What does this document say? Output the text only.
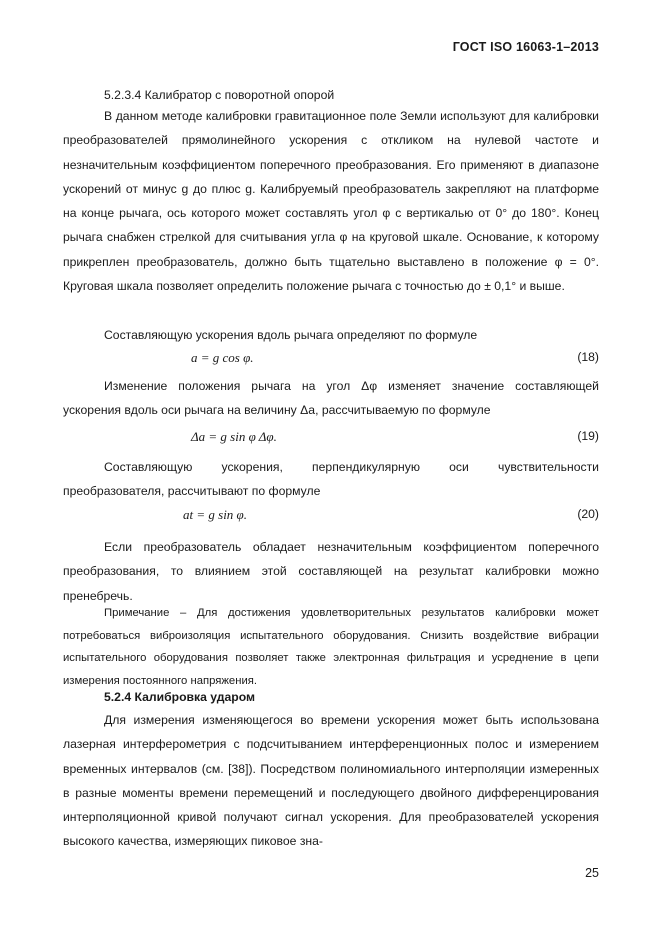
ГОСТ ISO 16063-1–2013
5.2.3.4 Калибратор с поворотной опорой

В данном методе калибровки гравитационное поле Земли используют для калибровки преобразователей прямолинейного ускорения с откликом на нулевой частоте и незначительным коэффициентом поперечного преобразования. Его применяют в диапазоне ускорений от минус g до плюс g. Калибруемый преобразователь закрепляют на платформе на конце рычага, ось которого может составлять угол φ с вертикалью от 0° до 180°. Конец рычага снабжен стрелкой для считывания угла φ на круговой шкале. Основание, к которому прикреплен преобразователь, должно быть тщательно выставлено в положение φ = 0°. Круговая шкала позволяет определить положение рычага с точностью до ± 0,1° и выше.

Составляющую ускорения вдоль рычага определяют по формуле

a = g cos φ.	(18)

Изменение положения рычага на угол Δφ изменяет значение составляющей ускорения вдоль оси рычага на величину Δa, рассчитываемую по формуле

Δa = g sin φ Δφ.	(19)

Составляющую ускорения, перпендикулярную оси чувствительности преобразователя, рассчитывают по формуле

at = g sin φ.	(20)

Если преобразователь обладает незначительным коэффициентом поперечного преобразования, то влиянием этой составляющей на результат калибровки можно пренебречь.

Примечание – Для достижения удовлетворительных результатов калибровки может потребоваться виброизоляция испытательного оборудования. Снизить воздействие вибрации испытательного оборудования позволяет также электронная фильтрация и усреднение в цепи измерения постоянного напряжения.

5.2.4 Калибровка ударом

Для измерения изменяющегося во времени ускорения может быть использована лазерная интерферометрия с подсчитыванием интерференционных полос и измерением временных интервалов (см. [38]). Посредством полиномиального интерполяции измеренных в разные моменты времени перемещений и последующего двойного дифференцирования интерполяционной кривой получают сигнал ускорения. Для преобразователей ускорения высокого качества, измеряющих пиковое зна-

25
